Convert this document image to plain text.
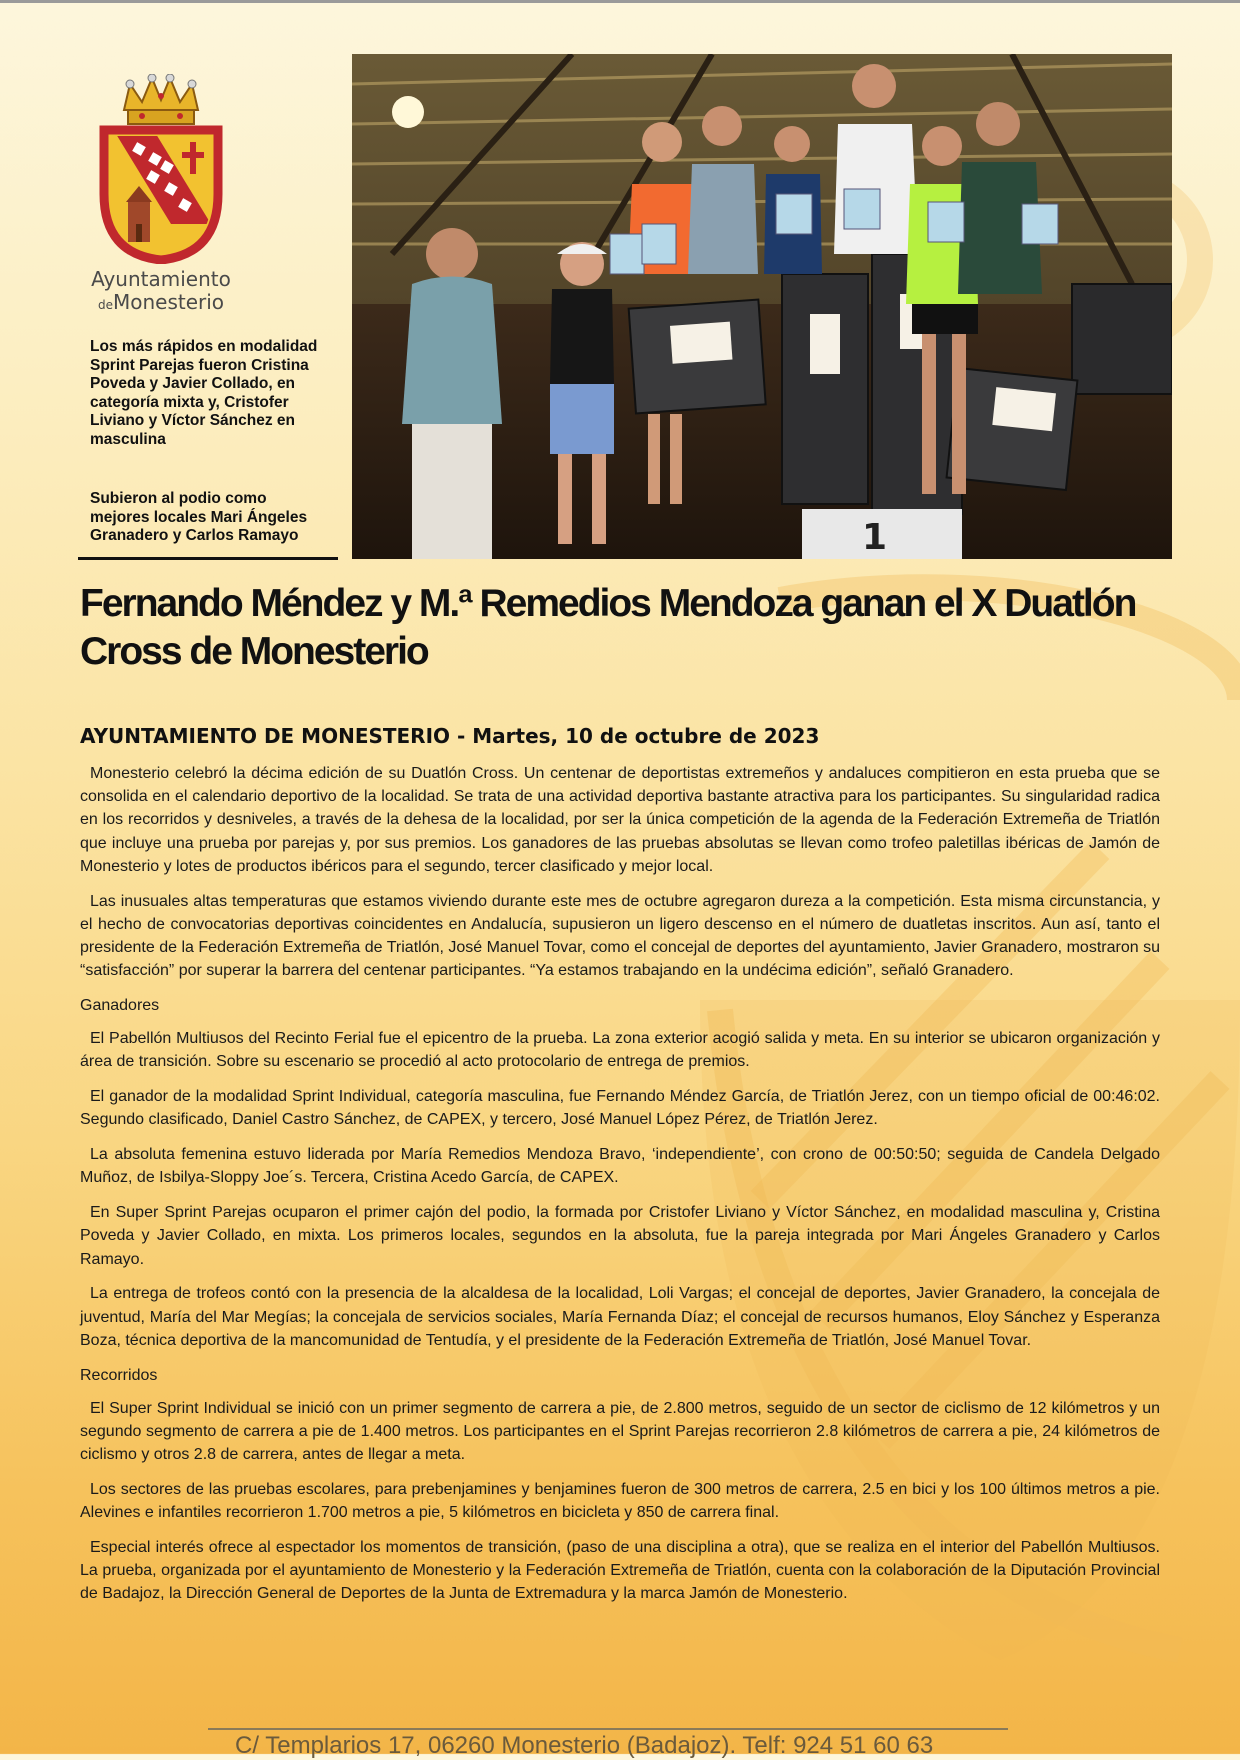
Ayuntamiento
deMonesterio

Los más rápidos en modalidad Sprint Parejas fueron Cristina Poveda y Javier Collado, en categoría mixta y, Cristofer Liviano y Víctor Sánchez en masculina

Subieron al podio como mejores locales Mari Ángeles Granadero y Carlos Ramayo	1
Fernando Méndez y M.ª Remedios Mendoza ganan el X Duatlón Cross de Monesterio
AYUNTAMIENTO DE MONESTERIO - Martes, 10 de octubre de 2023

Monesterio celebró la décima edición de su Duatlón Cross. Un centenar de deportistas extremeños y andaluces compitieron en esta prueba que se consolida en el calendario deportivo de la localidad. Se trata de una actividad deportiva bastante atractiva para los participantes. Su singularidad radica en los recorridos y desniveles, a través de la dehesa de la localidad, por ser la única competición de la agenda de la Federación Extremeña de Triatlón que incluye una prueba por parejas y, por sus premios. Los ganadores de las pruebas absolutas se llevan como trofeo paletillas ibéricas de Jamón de Monesterio y lotes de productos ibéricos para el segundo, tercer clasificado y mejor local.

Las inusuales altas temperaturas que estamos viviendo durante este mes de octubre agregaron dureza a la competición. Esta misma circunstancia, y el hecho de convocatorias deportivas coincidentes en Andalucía, supusieron un ligero descenso en el número de duatletas inscritos. Aun así, tanto el presidente de la Federación Extremeña de Triatlón, José Manuel Tovar, como el concejal de deportes del ayuntamiento, Javier Granadero, mostraron su “satisfacción” por superar la barrera del centenar participantes. “Ya estamos trabajando en la undécima edición”, señaló Granadero.

Ganadores

El Pabellón Multiusos del Recinto Ferial fue el epicentro de la prueba. La zona exterior acogió salida y meta. En su interior se ubicaron organización y área de transición. Sobre su escenario se procedió al acto protocolario de entrega de premios.

El ganador de la modalidad Sprint Individual, categoría masculina, fue Fernando Méndez García, de Triatlón Jerez, con un tiempo oficial de 00:46:02. Segundo clasificado, Daniel Castro Sánchez, de CAPEX, y tercero, José Manuel López Pérez, de Triatlón Jerez.

La absoluta femenina estuvo liderada por María Remedios Mendoza Bravo, ‘independiente’, con crono de 00:50:50; seguida de Candela Delgado Muñoz, de Isbilya-Sloppy Joe´s. Tercera, Cristina Acedo García, de CAPEX.

En Super Sprint Parejas ocuparon el primer cajón del podio, la formada por Cristofer Liviano y Víctor Sánchez, en modalidad masculina y, Cristina Poveda y Javier Collado, en mixta. Los primeros locales, segundos en la absoluta, fue la pareja integrada por Mari Ángeles Granadero y Carlos Ramayo.

La entrega de trofeos contó con la presencia de la alcaldesa de la localidad, Loli Vargas; el concejal de deportes, Javier Granadero, la concejala de juventud, María del Mar Megías; la concejala de servicios sociales, María Fernanda Díaz; el concejal de recursos humanos, Eloy Sánchez y Esperanza Boza, técnica deportiva de la mancomunidad de Tentudía, y el presidente de la Federación Extremeña de Triatlón, José Manuel Tovar.

Recorridos

El Super Sprint Individual se inició con un primer segmento de carrera a pie, de 2.800 metros, seguido de un sector de ciclismo de 12 kilómetros y un segundo segmento de carrera a pie de 1.400 metros. Los participantes en el Sprint Parejas recorrieron 2.8 kilómetros de carrera a pie, 24 kilómetros de ciclismo y otros 2.8 de carrera, antes de llegar a meta.

Los sectores de las pruebas escolares, para prebenjamines y benjamines fueron de 300 metros de carrera, 2.5 en bici y los 100 últimos metros a pie. Alevines e infantiles recorrieron 1.700 metros a pie, 5 kilómetros en bicicleta y 850 de carrera final.

Especial interés ofrece al espectador los momentos de transición, (paso de una disciplina a otra), que se realiza en el interior del Pabellón Multiusos. La prueba, organizada por el ayuntamiento de Monesterio y la Federación Extremeña de Triatlón, cuenta con la colaboración de la Diputación Provincial de Badajoz, la Dirección General de Deportes de la Junta de Extremadura y la marca Jamón de Monesterio.

C/ Templarios 17, 06260 Monesterio (Badajoz). Telf: 924 51 60 63
